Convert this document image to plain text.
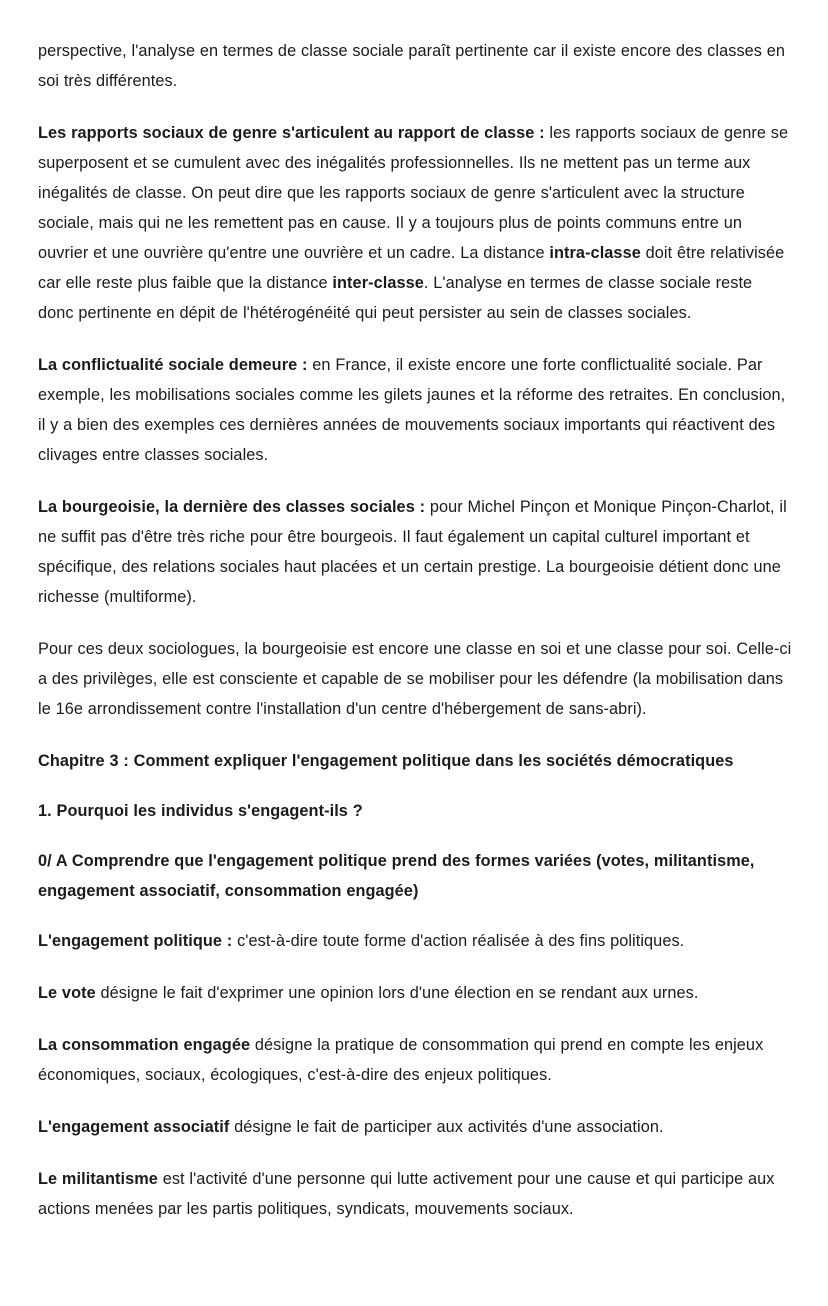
perspective, l'analyse en termes de classe sociale paraît pertinente car il existe encore des classes en soi très différentes.

Les rapports sociaux de genre s'articulent au rapport de classe : les rapports sociaux de genre se superposent et se cumulent avec des inégalités professionnelles. Ils ne mettent pas un terme aux inégalités de classe. On peut dire que les rapports sociaux de genre s'articulent avec la structure sociale, mais qui ne les remettent pas en cause. Il y a toujours plus de points communs entre un ouvrier et une ouvrière qu'entre une ouvrière et un cadre. La distance intra-classe doit être relativisée car elle reste plus faible que la distance inter-classe. L'analyse en termes de classe sociale reste donc pertinente en dépit de l'hétérogénéité qui peut persister au sein de classes sociales.

La conflictualité sociale demeure : en France, il existe encore une forte conflictualité sociale. Par exemple, les mobilisations sociales comme les gilets jaunes et la réforme des retraites. En conclusion, il y a bien des exemples ces dernières années de mouvements sociaux importants qui réactivent des clivages entre classes sociales.

La bourgeoisie, la dernière des classes sociales : pour Michel Pinçon et Monique Pinçon-Charlot, il ne suffit pas d'être très riche pour être bourgeois. Il faut également un capital culturel important et spécifique, des relations sociales haut placées et un certain prestige. La bourgeoisie détient donc une richesse (multiforme).

Pour ces deux sociologues, la bourgeoisie est encore une classe en soi et une classe pour soi. Celle-ci a des privilèges, elle est consciente et capable de se mobiliser pour les défendre (la mobilisation dans le 16e arrondissement contre l'installation d'un centre d'hébergement de sans-abri).

Chapitre 3 : Comment expliquer l'engagement politique dans les sociétés démocratiques

1. Pourquoi les individus s'engagent-ils ?

0/ A Comprendre que l'engagement politique prend des formes variées (votes, militantisme, engagement associatif, consommation engagée)

L'engagement politique : c'est-à-dire toute forme d'action réalisée à des fins politiques.

Le vote désigne le fait d'exprimer une opinion lors d'une élection en se rendant aux urnes.

La consommation engagée désigne la pratique de consommation qui prend en compte les enjeux économiques, sociaux, écologiques, c'est-à-dire des enjeux politiques.

L'engagement associatif désigne le fait de participer aux activités d'une association.

Le militantisme est l'activité d'une personne qui lutte activement pour une cause et qui participe aux actions menées par les partis politiques, syndicats, mouvements sociaux.
